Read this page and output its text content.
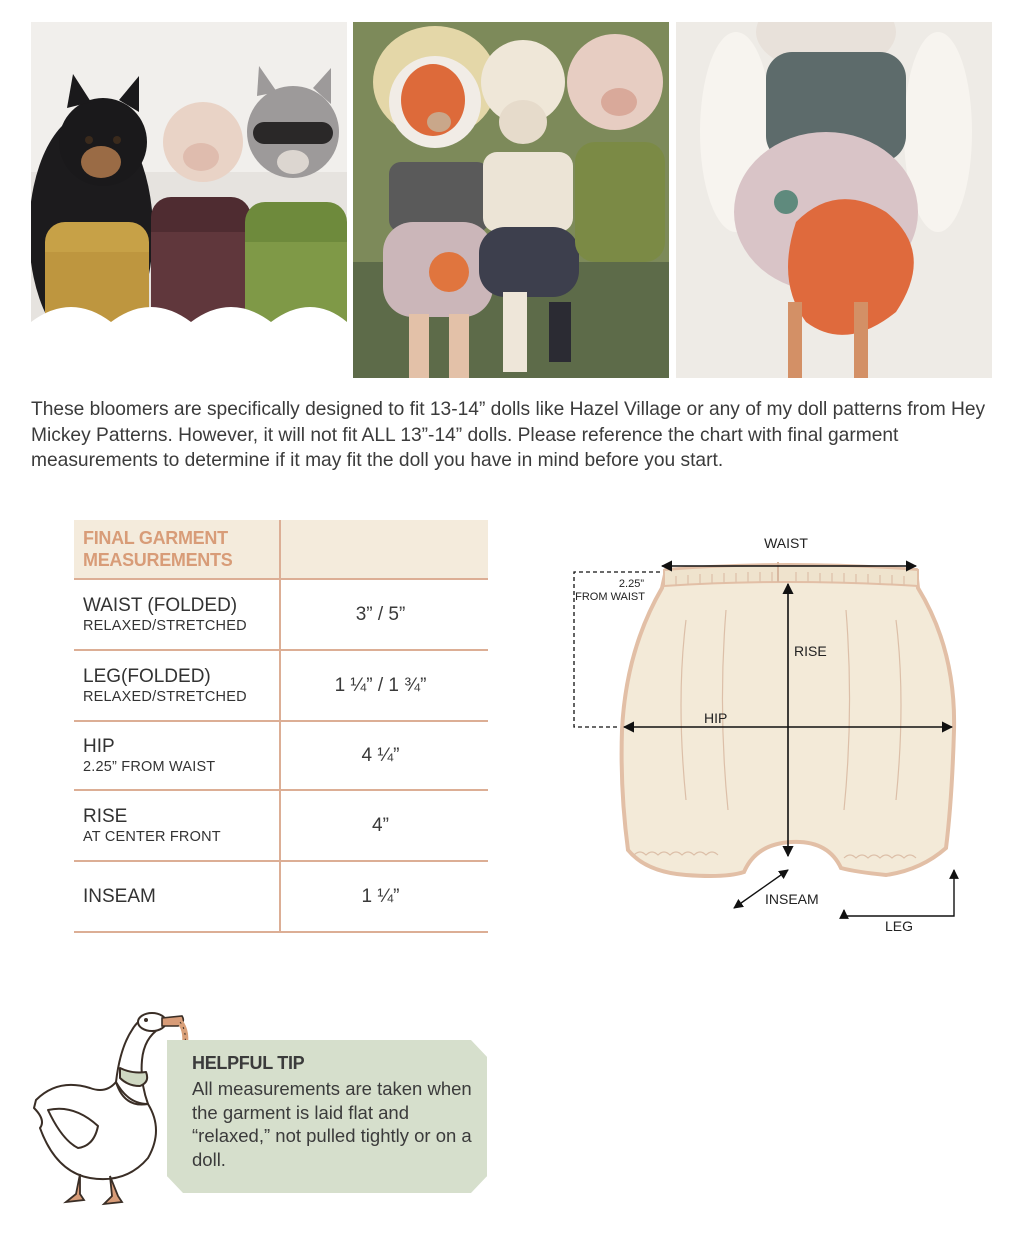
These bloomers are specifically designed to fit 13-14” dolls like Hazel Village or any of my doll patterns from Hey Mickey Patterns. However, it will not fit ALL 13”-14” dolls. Please reference the chart with final garment measurements to determine if it may fit the doll you have in mind before you start.

FINAL GARMENT
MEASUREMENTS	

WAIST (FOLDED)
RELAXED/STRETCHED	3” / 5”

LEG(FOLDED)
RELAXED/STRETCHED	1 ¼” / 1 ¾”

HIP
2.25” FROM WAIST	4 ¼”

RISE
AT CENTER FRONT	4”

INSEAM	1 ¼”
WAIST
2.25”
FROM WAIST
RISE
HIP
INSEAM
LEG
HELPFUL TIP
All measurements are taken when the garment is laid flat and “relaxed,” not pulled tightly or on a doll.
